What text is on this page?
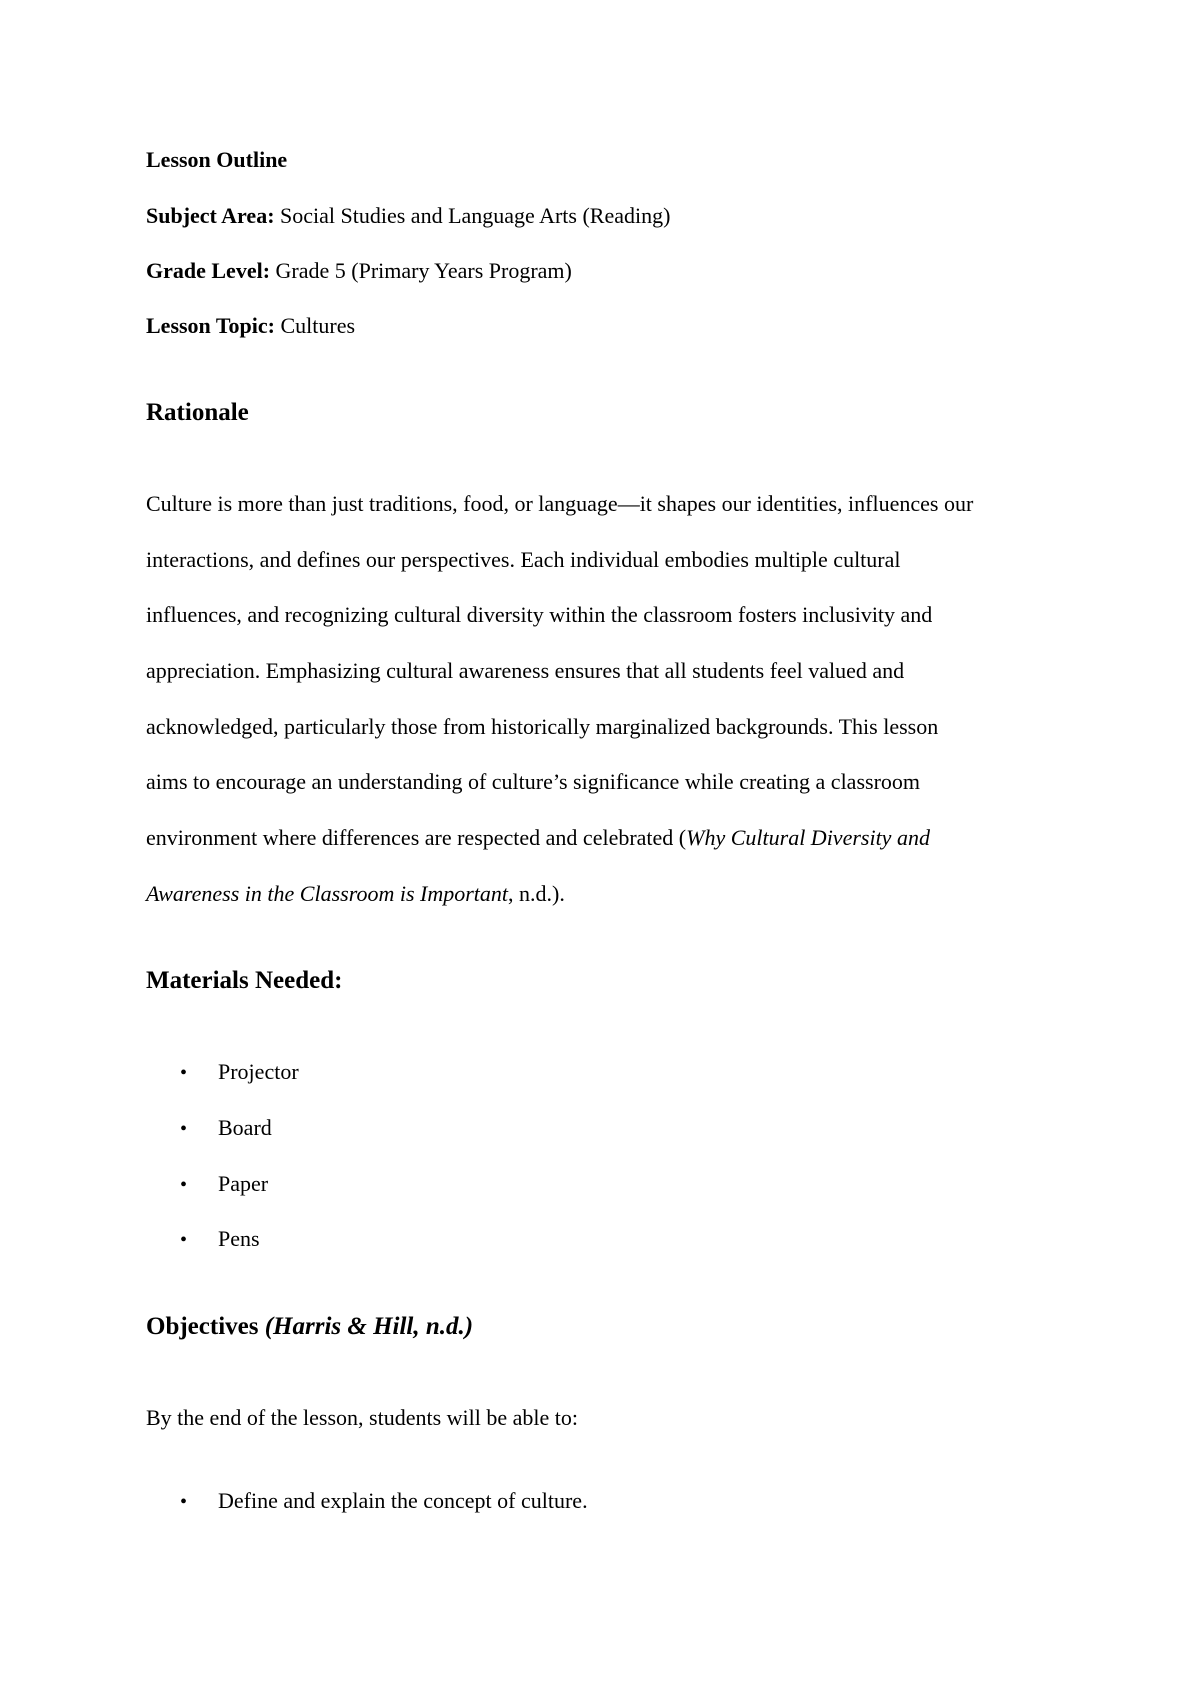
Lesson Outline
Subject Area: Social Studies and Language Arts (Reading)
Grade Level: Grade 5 (Primary Years Program)
Lesson Topic: Cultures
Rationale
Culture is more than just traditions, food, or language—it shapes our identities, influences our
interactions, and defines our perspectives. Each individual embodies multiple cultural
influences, and recognizing cultural diversity within the classroom fosters inclusivity and
appreciation. Emphasizing cultural awareness ensures that all students feel valued and
acknowledged, particularly those from historically marginalized backgrounds. This lesson
aims to encourage an understanding of culture’s significance while creating a classroom
environment where differences are respected and celebrated (Why Cultural Diversity and
Awareness in the Classroom is Important, n.d.).
Materials Needed:
• Projector
• Board
• Paper
• Pens
Objectives (Harris & Hill, n.d.)
By the end of the lesson, students will be able to:
• Define and explain the concept of culture.
